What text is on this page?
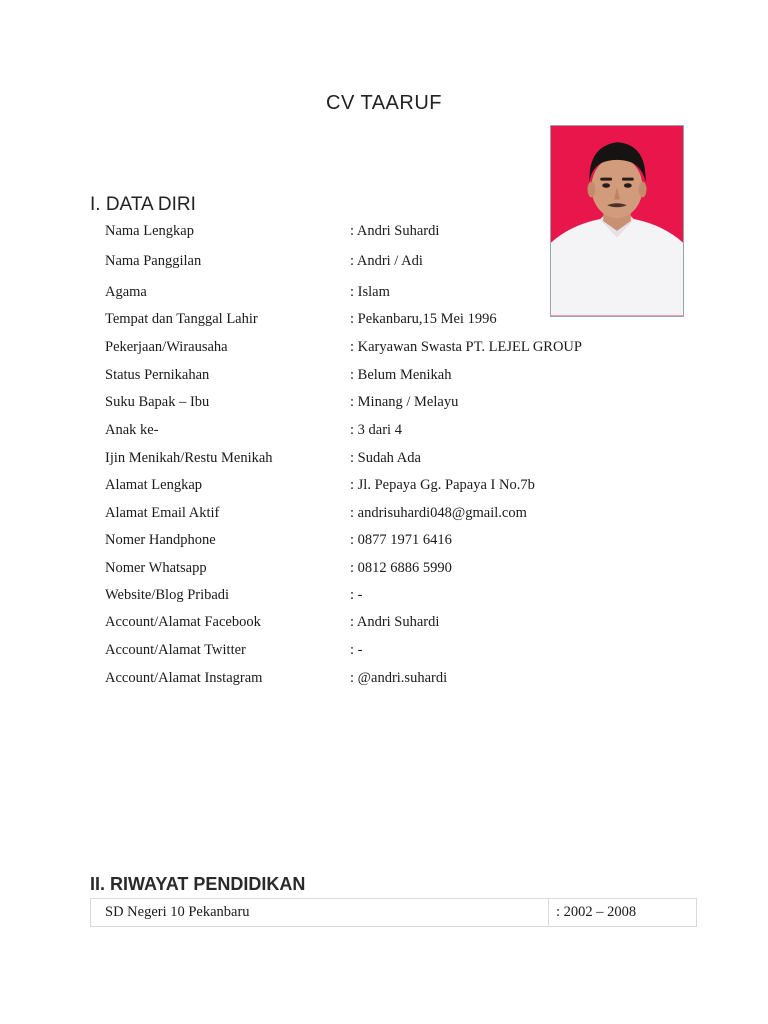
CV TAARUF
I. DATA DIRI
Nama Lengkap	: Andri Suhardi
Nama Panggilan	: Andri / Adi
Agama	: Islam
Tempat dan Tanggal Lahir	: Pekanbaru,15 Mei 1996
Pekerjaan/Wirausaha	: Karyawan Swasta PT. LEJEL GROUP
Status Pernikahan	: Belum Menikah
Suku Bapak – Ibu	: Minang / Melayu
Anak ke-	: 3 dari 4
Ijin Menikah/Restu Menikah	: Sudah Ada
Alamat Lengkap	: Jl. Pepaya Gg. Papaya I No.7b
Alamat Email Aktif	: andrisuhardi048@gmail.com
Nomer Handphone	: 0877 1971 6416
Nomer Whatsapp	: 0812 6886 5990
Website/Blog Pribadi	: -
Account/Alamat Facebook	: Andri Suhardi
Account/Alamat Twitter	: -
Account/Alamat Instagram	: @andri.suhardi
II. RIWAYAT PENDIDIKAN
SD Negeri 10 Pekanbaru	: 2002 – 2008
